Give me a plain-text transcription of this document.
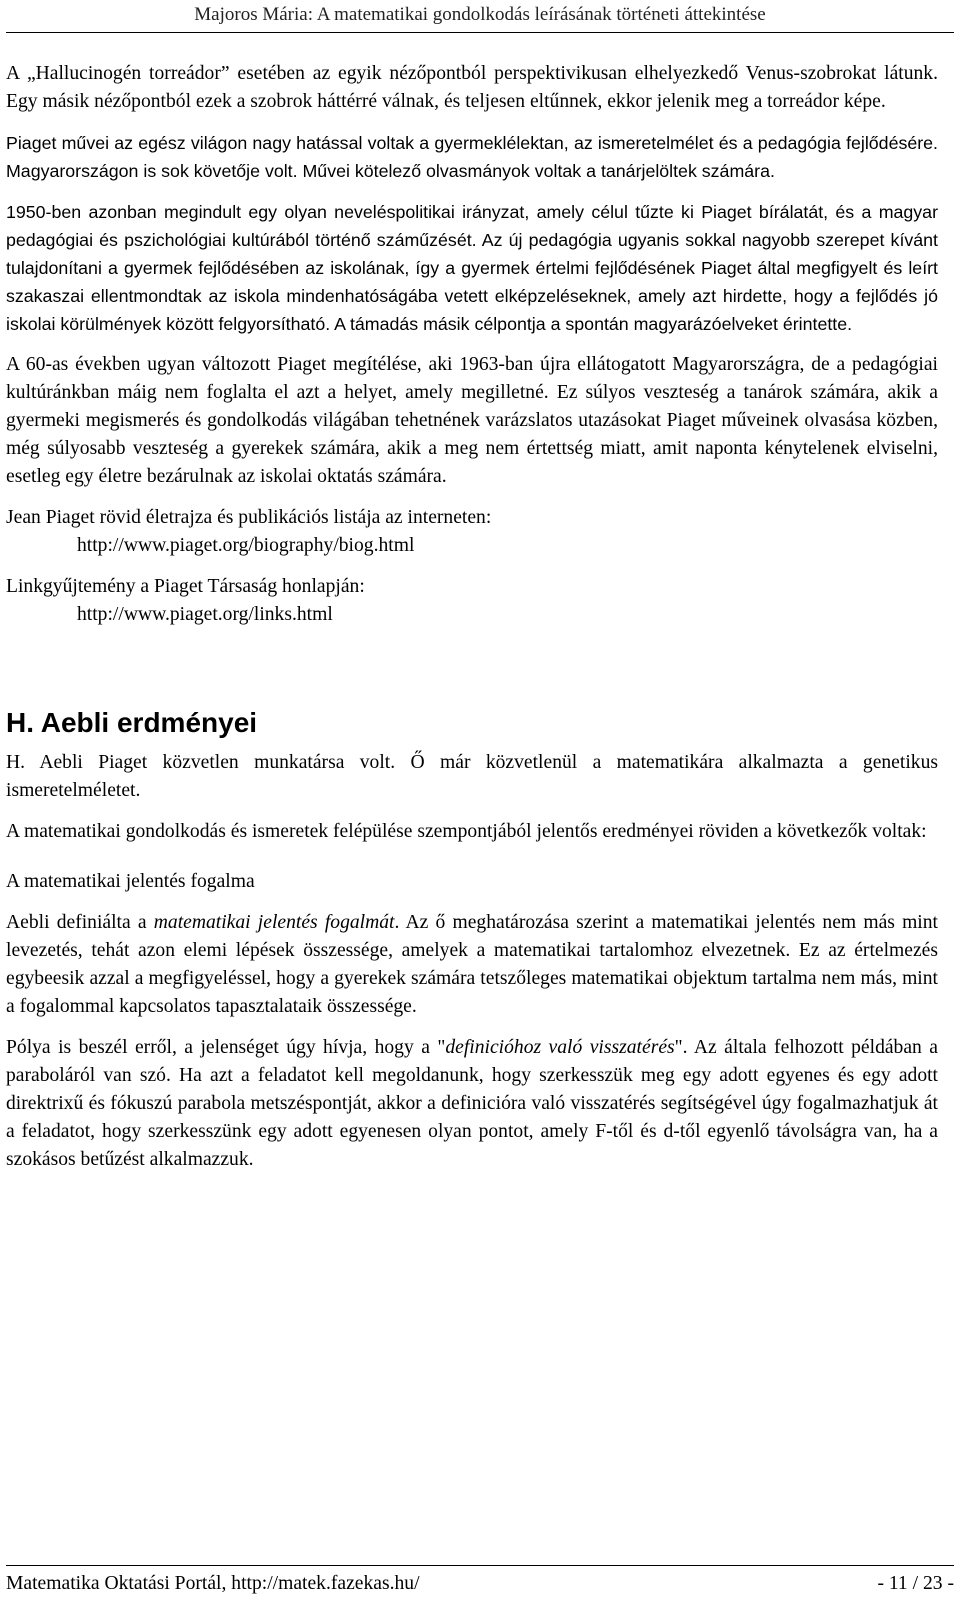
Majoros Mária: A matematikai gondolkodás leírásának történeti áttekintése

A „Hallucinogén torreádor” esetében az egyik nézőpontból perspektivikusan elhelyezkedő Venus-szobrokat látunk. Egy másik nézőpontból ezek a szobrok háttérré válnak, és teljesen eltűnnek, ekkor jelenik meg a torreádor képe.

Piaget művei az egész világon nagy hatással voltak a gyermeklélektan, az ismeretelmélet és a pedagógia fejlődésére. Magyarországon is sok követője volt. Művei kötelező olvasmányok voltak a tanárjelöltek számára.

1950-ben azonban megindult egy olyan neveléspolitikai irányzat, amely célul tűzte ki Piaget bírálatát, és a magyar pedagógiai és pszichológiai kultúrából történő száműzését. Az új pedagógia ugyanis sokkal nagyobb szerepet kívánt tulajdonítani a gyermek fejlődésében az iskolának, így a gyermek értelmi fejlődésének Piaget által megfigyelt és leírt szakaszai ellentmondtak az iskola mindenhatóságába vetett elképzeléseknek, amely azt hirdette, hogy a fejlődés jó iskolai körülmények között felgyorsítható. A támadás másik célpontja a spontán magyarázóelveket érintette.

A 60-as években ugyan változott Piaget megítélése, aki 1963-ban újra ellátogatott Magyarországra, de a pedagógiai kultúránkban máig nem foglalta el azt a helyet, amely megilletné. Ez súlyos veszteség a tanárok számára, akik a gyermeki megismerés és gondolkodás világában tehetnének varázslatos utazásokat Piaget műveinek olvasása közben, még súlyosabb veszteség a gyerekek számára, akik a meg nem értettség miatt, amit naponta kénytelenek elviselni, esetleg egy életre bezárulnak az iskolai oktatás számára.

Jean Piaget rövid életrajza és publikációs listája az interneten:
http://www.piaget.org/biography/biog.html

Linkgyűjtemény a Piaget Társaság honlapján:
http://www.piaget.org/links.html

H. Aebli erdményei

H. Aebli Piaget közvetlen munkatársa volt. Ő már közvetlenül a matematikára alkalmazta a genetikus ismeretelméletet.

A matematikai gondolkodás és ismeretek felépülése szempontjából jelentős eredményei röviden a következők voltak:

A matematikai jelentés fogalma

Aebli definiálta a matematikai jelentés fogalmát. Az ő meghatározása szerint a matematikai jelentés nem más mint levezetés, tehát azon elemi lépések összessége, amelyek a matematikai tartalomhoz elvezetnek. Ez az értelmezés egybeesik azzal a megfigyeléssel, hogy a gyerekek számára tetszőleges matematikai objektum tartalma nem más, mint a fogalommal kapcsolatos tapasztalataik összessége.

Pólya is beszél erről, a jelenséget úgy hívja, hogy a "definicióhoz való visszatérés". Az általa felhozott példában a paraboláról van szó. Ha azt a feladatot kell megoldanunk, hogy szerkesszük meg egy adott egyenes és egy adott direktrixű és fókuszú parabola metszéspontját, akkor a definicióra való visszatérés segítségével úgy fogalmazhatjuk át a feladatot, hogy szerkesszünk egy adott egyenesen olyan pontot, amely F-től és d-től egyenlő távolságra van, ha a szokásos betűzést alkalmazzuk.

Matematika Oktatási Portál, http://matek.fazekas.hu/	- 11 / 23 -
